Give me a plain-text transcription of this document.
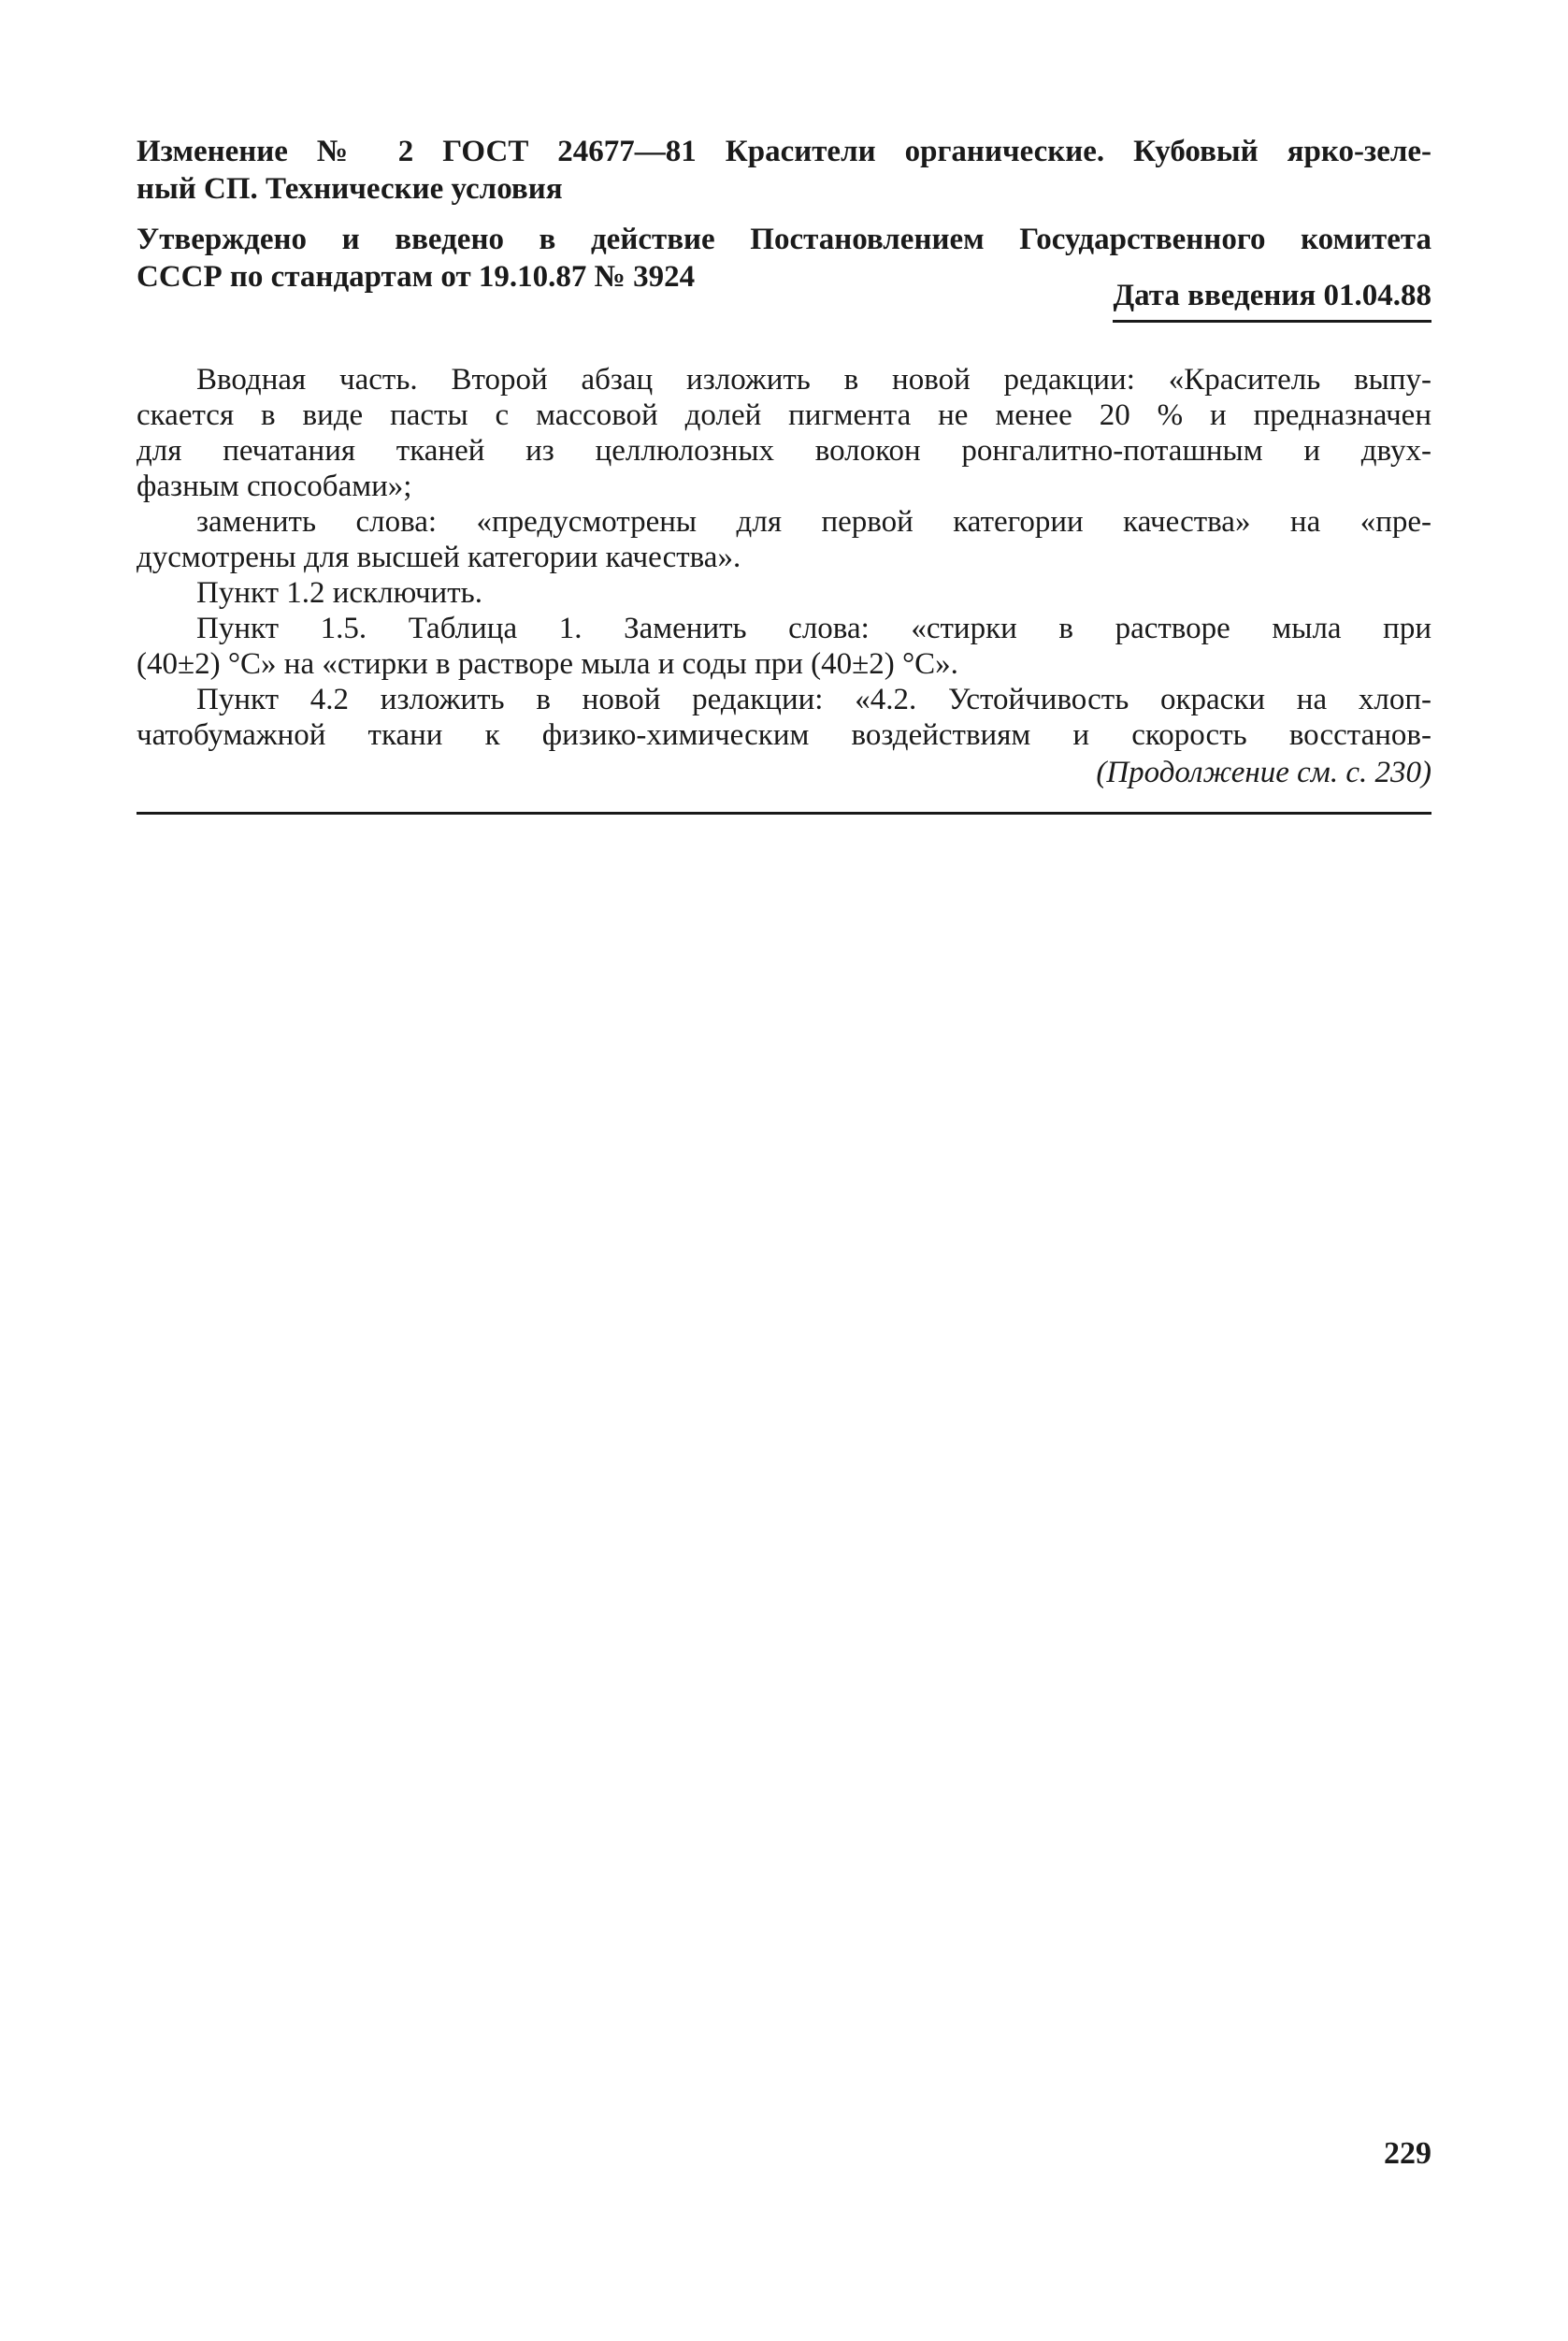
Изменение № 2 ГОСТ 24677—81 Красители органические. Кубовый ярко-зеле-
ный СП. Технические условия
Утверждено и введено в действие Постановлением Государственного комитета
СССР по стандартам от 19.10.87 № 3924
Дата введения 01.04.88
Вводная часть. Второй абзац изложить в новой редакции: «Краситель выпу-
скается в виде пасты с массовой долей пигмента не менее 20 % и предназначен
для печатания тканей из целлюлозных волокон ронгалитно-поташным и двух-
фазным способами»;
заменить слова: «предусмотрены для первой категории качества» на «пре-
дусмотрены для высшей категории качества».
Пункт 1.2 исключить.
Пункт 1.5. Таблица 1. Заменить слова: «стирки в растворе мыла при
(40±2) °С» на «стирки в растворе мыла и соды при (40±2) °С».
Пункт 4.2 изложить в новой редакции: «4.2. Устойчивость окраски на хлоп-
чатобумажной ткани к физико-химическим воздействиям и скорость восстанов-
(Продолжение см. с. 230)
229
